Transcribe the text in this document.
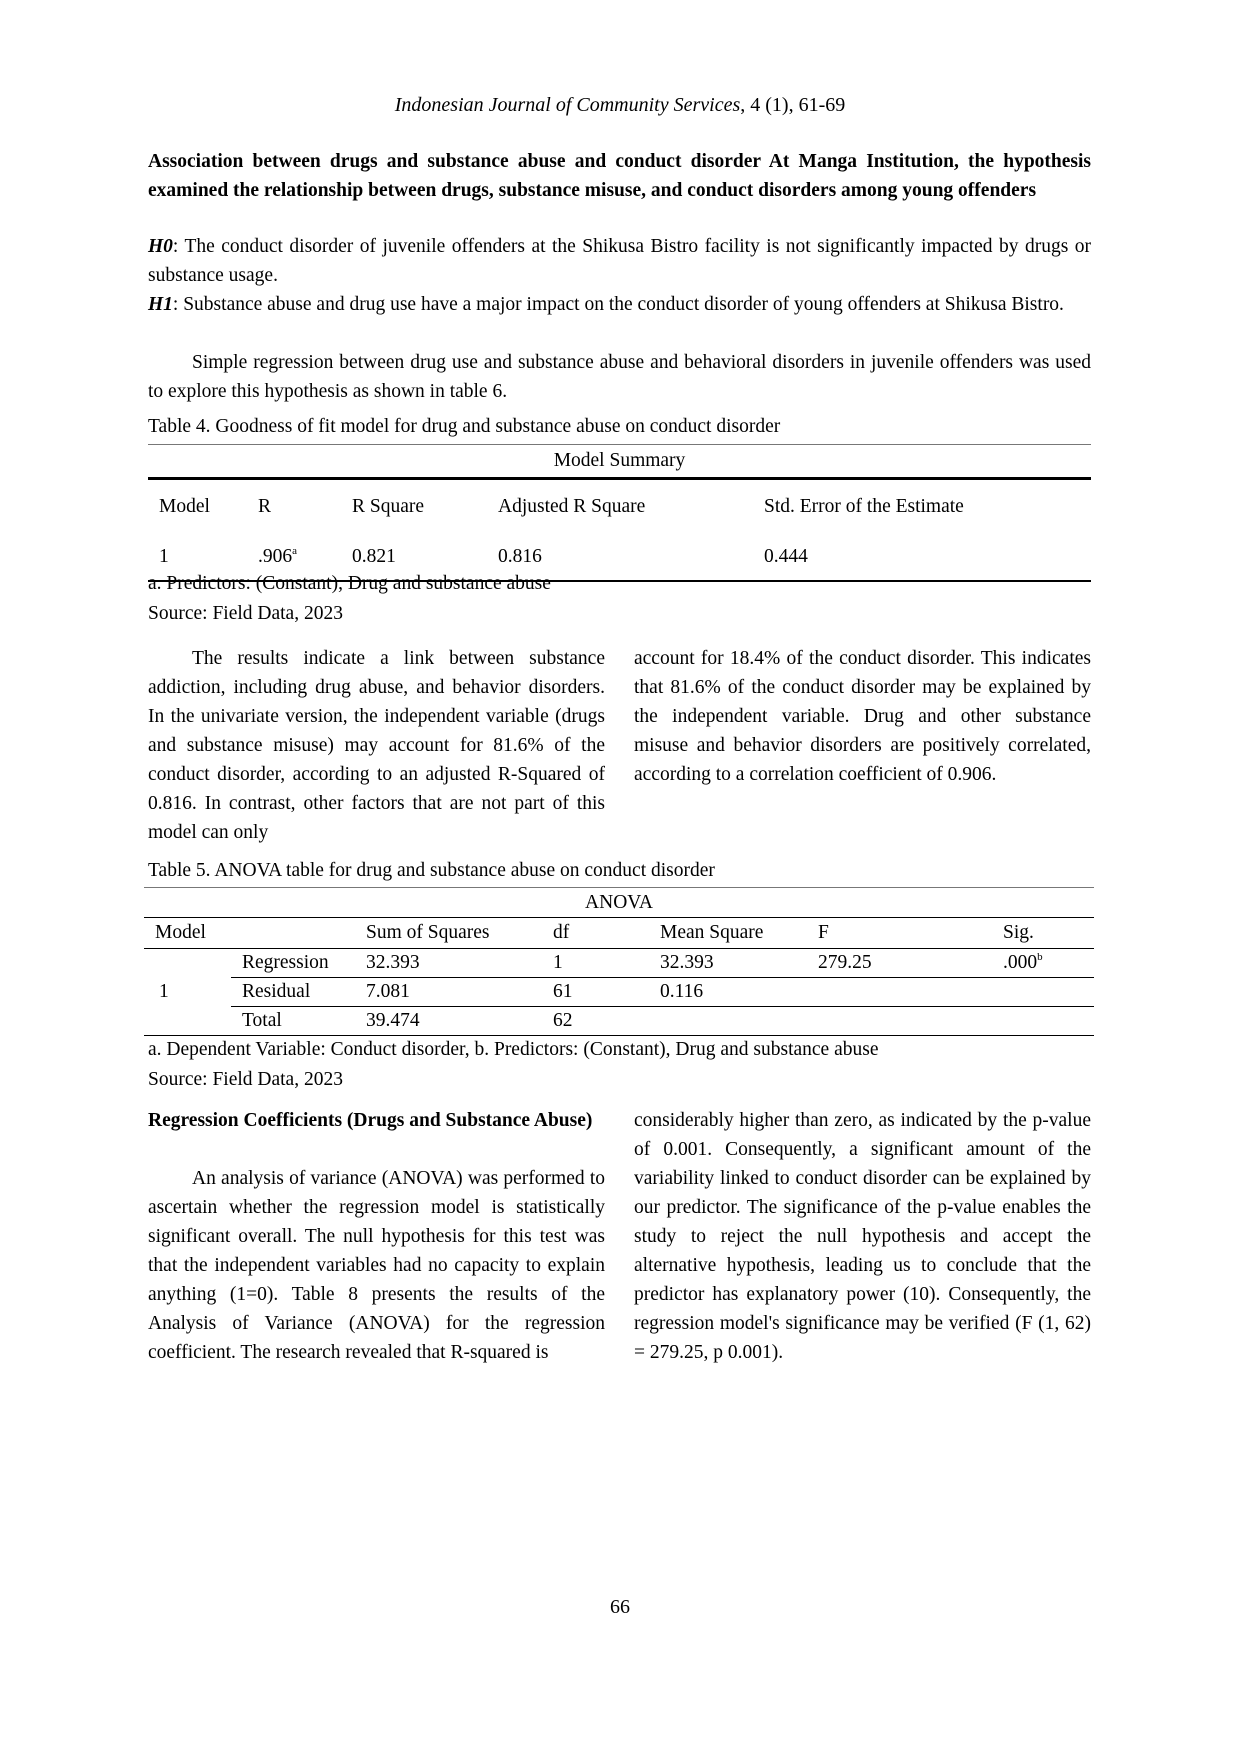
Indonesian Journal of Community Services, 4 (1), 61-69
Association between drugs and substance abuse and conduct disorder At Manga Institution, the hypothesis examined the relationship between drugs, substance misuse, and conduct disorders among young offenders
H0: The conduct disorder of juvenile offenders at the Shikusa Bistro facility is not significantly impacted by drugs or substance usage.
H1: Substance abuse and drug use have a major impact on the conduct disorder of young offenders at Shikusa Bistro.
Simple regression between drug use and substance abuse and behavioral disorders in juvenile offenders was used to explore this hypothesis as shown in table 6.
Table 4. Goodness of fit model for drug and substance abuse on conduct disorder
Model Summary				
Model	R	R Square	Adjusted R Square	Std. Error of the Estimate
1	.906$^a$	0.821	0.816	0.444
a. Predictors: (Constant), Drug and substance abuse
Source: Field Data, 2023
The results indicate a link between substance addiction, including drug abuse, and behavior disorders. In the univariate version, the independent variable (drugs and substance misuse) may account for 81.6% of the conduct disorder, according to an adjusted R-Squared of 0.816. In contrast, other factors that are not part of this model can only
account for 18.4% of the conduct disorder. This indicates that 81.6% of the conduct disorder may be explained by the independent variable. Drug and other substance misuse and behavior disorders are positively correlated, according to a correlation coefficient of 0.906.
Table 5. ANOVA table for drug and substance abuse on conduct disorder
ANOVA						
Model		Sum of Squares	df	Mean Square	F	Sig.
1	Regression	32.393	1	32.393	279.25	.000$^b$
	Residual	7.081	61	0.116		
	Total	39.474	62			
a. Dependent Variable: Conduct disorder, b. Predictors: (Constant), Drug and substance abuse
Source: Field Data, 2023
Regression Coefficients (Drugs and Substance Abuse)
An analysis of variance (ANOVA) was performed to ascertain whether the regression model is statistically significant overall. The null hypothesis for this test was that the independent variables had no capacity to explain anything (1=0). Table 8 presents the results of the Analysis of Variance (ANOVA) for the regression coefficient. The research revealed that R-squared is
considerably higher than zero, as indicated by the p-value of 0.001. Consequently, a significant amount of the variability linked to conduct disorder can be explained by our predictor. The significance of the p-value enables the study to reject the null hypothesis and accept the alternative hypothesis, leading us to conclude that the predictor has explanatory power (10). Consequently, the regression model's significance may be verified (F (1, 62) = 279.25, p 0.001).
66
